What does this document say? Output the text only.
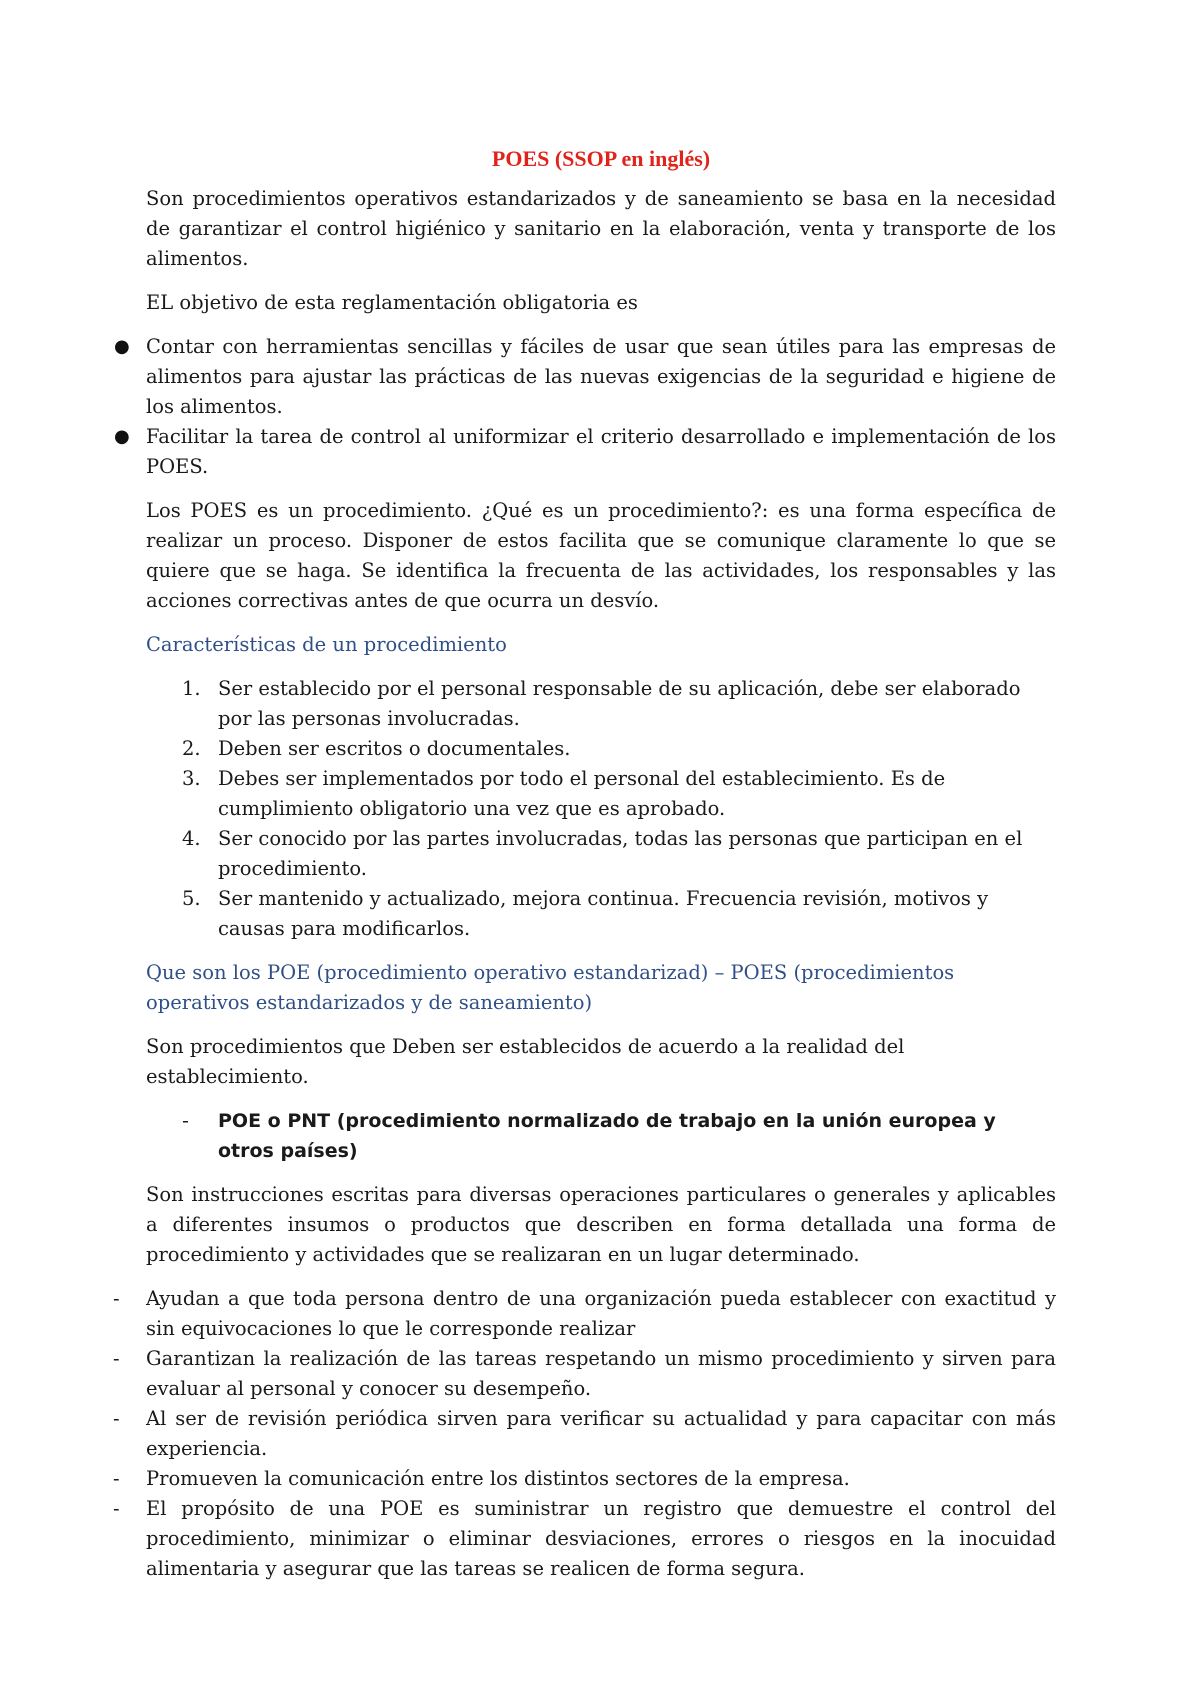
POES (SSOP en inglés)

Son procedimientos operativos estandarizados y de saneamiento se basa en la necesidad de garantizar el control higiénico y sanitario en la elaboración, venta y transporte de los alimentos.

EL objetivo de esta reglamentación obligatoria es

● Contar con herramientas sencillas y fáciles de usar que sean útiles para las empresas de alimentos para ajustar las prácticas de las nuevas exigencias de la seguridad e higiene de los alimentos.
● Facilitar la tarea de control al uniformizar el criterio desarrollado e implementación de los POES.

Los POES es un procedimiento. ¿Qué es un procedimiento?: es una forma específica de realizar un proceso. Disponer de estos facilita que se comunique claramente lo que se quiere que se haga. Se identifica la frecuenta de las actividades, los responsables y las acciones correctivas antes de que ocurra un desvío.

Características de un procedimiento

1. Ser establecido por el personal responsable de su aplicación, debe ser elaborado por las personas involucradas.
2. Deben ser escritos o documentales.
3. Debes ser implementados por todo el personal del establecimiento. Es de cumplimiento obligatorio una vez que es aprobado.
4. Ser conocido por las partes involucradas, todas las personas que participan en el procedimiento.
5. Ser mantenido y actualizado, mejora continua. Frecuencia revisión, motivos y causas para modificarlos.

Que son los POE (procedimiento operativo estandarizad) – POES (procedimientos operativos estandarizados y de saneamiento)

Son procedimientos que Deben ser establecidos de acuerdo a la realidad del establecimiento.

- POE o PNT (procedimiento normalizado de trabajo en la unión europea y otros países)

Son instrucciones escritas para diversas operaciones particulares o generales y aplicables a diferentes insumos o productos que describen en forma detallada una forma de procedimiento y actividades que se realizaran en un lugar determinado.

- Ayudan a que toda persona dentro de una organización pueda establecer con exactitud y sin equivocaciones lo que le corresponde realizar
- Garantizan la realización de las tareas respetando un mismo procedimiento y sirven para evaluar al personal y conocer su desempeño.
- Al ser de revisión periódica sirven para verificar su actualidad y para capacitar con más experiencia.
- Promueven la comunicación entre los distintos sectores de la empresa.
- El propósito de una POE es suministrar un registro que demuestre el control del procedimiento, minimizar o eliminar desviaciones, errores o riesgos en la inocuidad alimentaria y asegurar que las tareas se realicen de forma segura.
